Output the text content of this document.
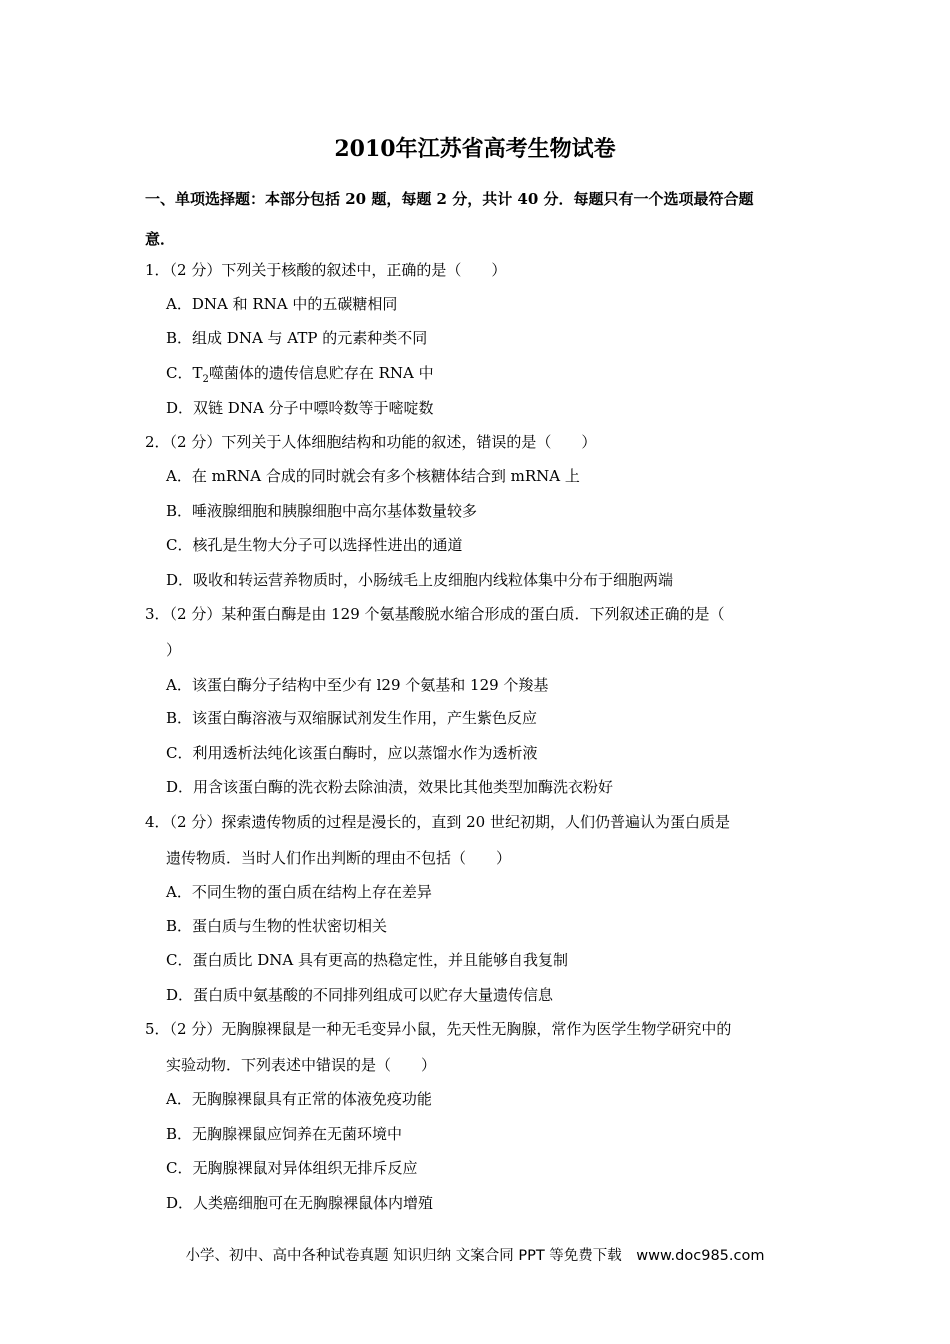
2010年江苏省高考生物试卷
一、单项选择题：本部分包括 20 题，每题 2 分，共计 40 分．每题只有一个选项最符合题
意．
1．（2 分）下列关于核酸的叙述中，正确的是（　　）
A．DNA 和 RNA 中的五碳糖相同
B．组成 DNA 与 ATP 的元素种类不同
C．$T_2$噬菌体的遗传信息贮存在 RNA 中
D．双链 DNA 分子中嘌呤数等于嘧啶数
2．（2 分）下列关于人体细胞结构和功能的叙述，错误的是（　　）
A．在 mRNA 合成的同时就会有多个核糖体结合到 mRNA 上
B．唾液腺细胞和胰腺细胞中高尔基体数量较多
C．核孔是生物大分子可以选择性进出的通道
D．吸收和转运营养物质时，小肠绒毛上皮细胞内线粒体集中分布于细胞两端
3．（2 分）某种蛋白酶是由 129 个氨基酸脱水缩合形成的蛋白质．下列叙述正确的是（
）
A．该蛋白酶分子结构中至少有 l29 个氨基和 129 个羧基
B．该蛋白酶溶液与双缩脲试剂发生作用，产生紫色反应
C．利用透析法纯化该蛋白酶时，应以蒸馏水作为透析液
D．用含该蛋白酶的洗衣粉去除油渍，效果比其他类型加酶洗衣粉好
4．（2 分）探索遗传物质的过程是漫长的，直到 20 世纪初期，人们仍普遍认为蛋白质是
遗传物质．当时人们作出判断的理由不包括（　　）
A．不同生物的蛋白质在结构上存在差异
B．蛋白质与生物的性状密切相关
C．蛋白质比 DNA 具有更高的热稳定性，并且能够自我复制
D．蛋白质中氨基酸的不同排列组成可以贮存大量遗传信息
5．（2 分）无胸腺裸鼠是一种无毛变异小鼠，先天性无胸腺，常作为医学生物学研究中的
实验动物．下列表述中错误的是（　　）
A．无胸腺裸鼠具有正常的体液免疫功能
B．无胸腺裸鼠应饲养在无菌环境中
C．无胸腺裸鼠对异体组织无排斥反应
D．人类癌细胞可在无胸腺裸鼠体内增殖
小学、初中、高中各种试卷真题 知识归纳 文案合同 PPT 等免费下载　www.doc985.com
